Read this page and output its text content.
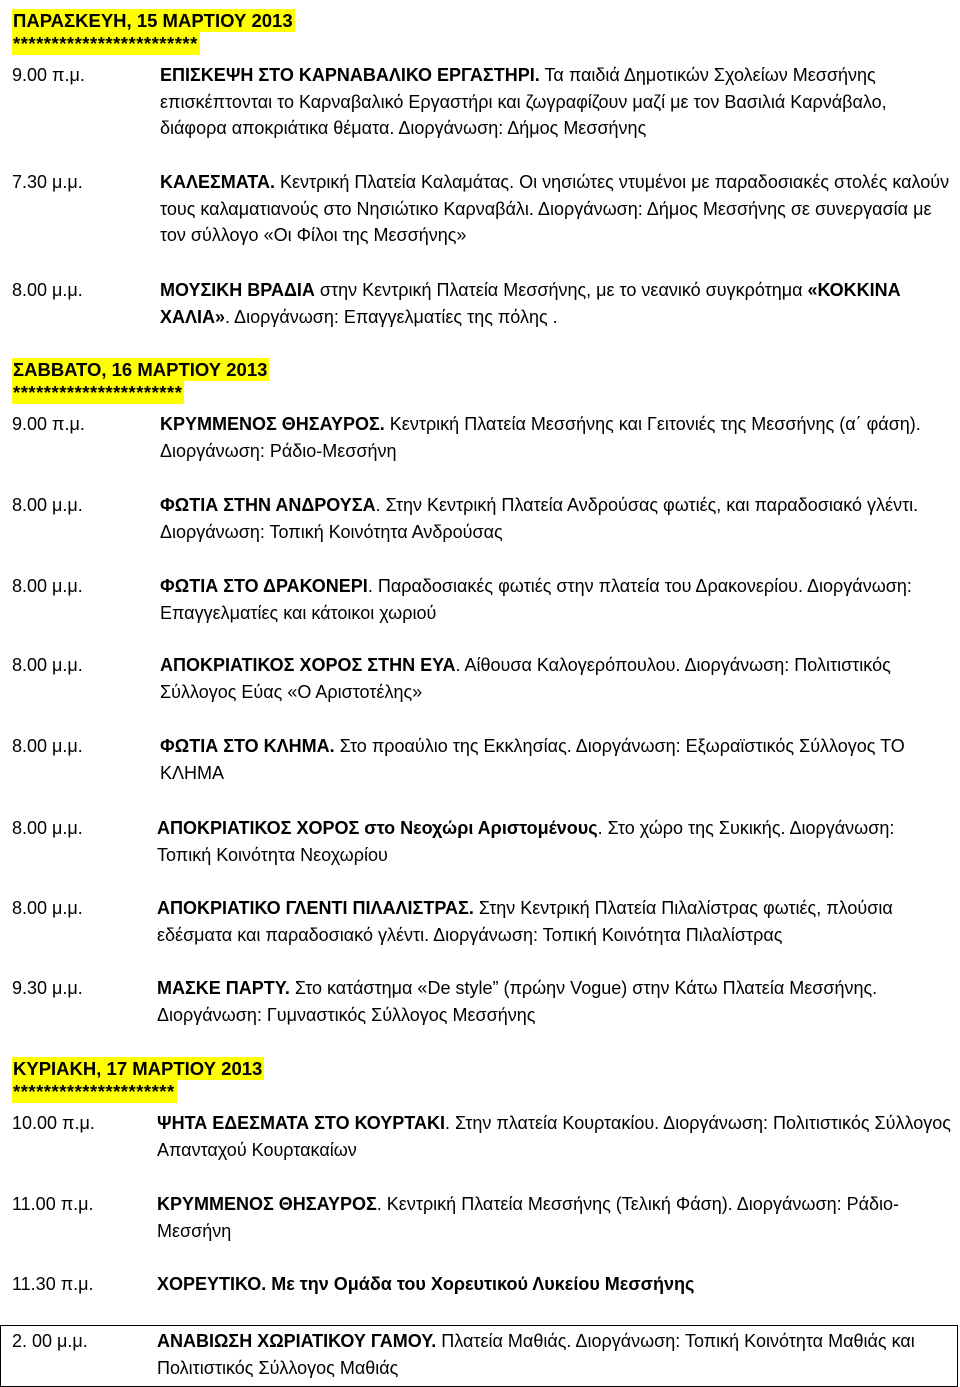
ΠΑΡΑΣΚΕΥΗ, 15 ΜΑΡΤΙΟΥ 2013
************************
9.00 π.μ.	ΕΠΙΣΚΕΨΗ ΣΤΟ ΚΑΡΝΑΒΑΛΙΚΟ ΕΡΓΑΣΤΗΡΙ. Τα παιδιά Δημοτικών Σχολείων Μεσσήνης επισκέπτονται το Καρναβαλικό Εργαστήρι και ζωγραφίζουν μαζί με τον Βασιλιά Καρνάβαλο, διάφορα αποκριάτικα θέματα. Διοργάνωση: Δήμος Μεσσήνης
7.30 μ.μ.	ΚΑΛΕΣΜΑΤΑ. Κεντρική Πλατεία Καλαμάτας. Οι νησιώτες ντυμένοι με παραδοσιακές στολές καλούν τους καλαματιανούς στο Νησιώτικο Καρναβάλι. Διοργάνωση: Δήμος Μεσσήνης σε συνεργασία με τον σύλλογο «Οι Φίλοι της Μεσσήνης»
8.00 μ.μ.	ΜΟΥΣΙΚΗ ΒΡΑΔΙΑ στην Κεντρική Πλατεία Μεσσήνης, με το νεανικό συγκρότημα «ΚΟΚΚΙΝΑ ΧΑΛΙΑ». Διοργάνωση: Επαγγελματίες της πόλης .
ΣΑΒΒΑΤΟ, 16 ΜΑΡΤΙΟΥ 2013
**********************
9.00 π.μ.	ΚΡΥΜΜΕΝΟΣ ΘΗΣΑΥΡΟΣ. Κεντρική Πλατεία Μεσσήνης και Γειτονιές της Μεσσήνης (α΄ φάση). Διοργάνωση: Ράδιο-Μεσσήνη
8.00 μ.μ.	ΦΩΤΙΑ ΣΤΗΝ ΑΝΔΡΟΥΣΑ. Στην Κεντρική Πλατεία Ανδρούσας φωτιές, και παραδοσιακό γλέντι. Διοργάνωση: Τοπική Κοινότητα Ανδρούσας
8.00 μ.μ.	ΦΩΤΙΑ ΣΤΟ ΔΡΑΚΟΝΕΡΙ. Παραδοσιακές φωτιές στην πλατεία του Δρακονερίου. Διοργάνωση: Επαγγελματίες και κάτοικοι χωριού
8.00 μ.μ.	ΑΠΟΚΡΙΑΤΙΚΟΣ ΧΟΡΟΣ ΣΤΗΝ ΕΥΑ. Αίθουσα Καλογερόπουλου. Διοργάνωση: Πολιτιστικός Σύλλογος Εύας «Ο Αριστοτέλης»
8.00 μ.μ.	ΦΩΤΙΑ ΣΤΟ ΚΛΗΜΑ. Στο προαύλιο της Εκκλησίας. Διοργάνωση: Εξωραϊστικός Σύλλογος ΤΟ ΚΛΗΜΑ
8.00 μ.μ.	ΑΠΟΚΡΙΑΤΙΚΟΣ ΧΟΡΟΣ στο Νεοχώρι Αριστομένους. Στο χώρο της Συκικής. Διοργάνωση: Τοπική Κοινότητα Νεοχωρίου
8.00 μ.μ.	ΑΠΟΚΡΙΑΤΙΚΟ ΓΛΕΝΤΙ ΠΙΛΑΛΙΣΤΡΑΣ. Στην Κεντρική Πλατεία Πιλαλίστρας φωτιές, πλούσια εδέσματα και παραδοσιακό γλέντι. Διοργάνωση: Τοπική Κοινότητα Πιλαλίστρας
9.30 μ.μ.	ΜΑΣΚΕ ΠΑΡΤΥ. Στο κατάστημα «De style” (πρώην Vogue) στην Κάτω Πλατεία Μεσσήνης. Διοργάνωση: Γυμναστικός Σύλλογος Μεσσήνης
ΚΥΡΙΑΚΗ, 17 ΜΑΡΤΙΟΥ 2013
*********************
10.00 π.μ.	ΨΗΤΑ ΕΔΕΣΜΑΤΑ ΣΤΟ ΚΟΥΡΤΑΚΙ. Στην πλατεία Κουρτακίου. Διοργάνωση: Πολιτιστικός Σύλλογος Απανταχού Κουρτακαίων
11.00 π.μ.	ΚΡΥΜΜΕΝΟΣ ΘΗΣΑΥΡΟΣ. Κεντρική Πλατεία Μεσσήνης (Τελική Φάση). Διοργάνωση: Ράδιο-Μεσσήνη
11.30 π.μ.	ΧΟΡΕΥΤΙΚΟ. Με την Ομάδα του Χορευτικού Λυκείου Μεσσήνης
2. 00 μ.μ.	ΑΝΑΒΙΩΣΗ ΧΩΡΙΑΤΙΚΟΥ ΓΑΜΟΥ. Πλατεία Μαθιάς. Διοργάνωση: Τοπική Κοινότητα Μαθιάς και Πολιτιστικός Σύλλογος Μαθιάς
